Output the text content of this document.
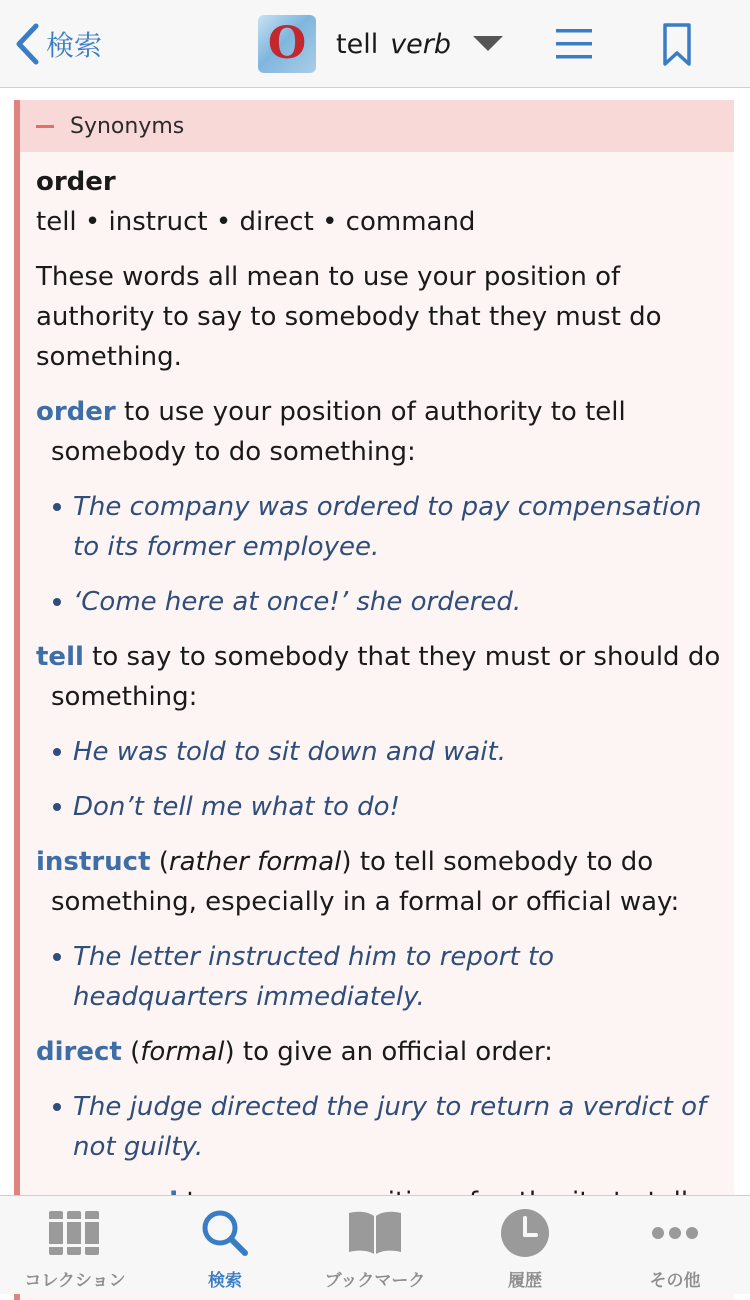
検索	O tell verb
Synonyms
order
tell • instruct • direct • command
These words all mean to use your position of authority to say to somebody that they must do something.
order to use your position of authority to tell somebody to do something:
The company was ordered to pay compensation to its former employee.
‘Come here at once!’ she ordered.
tell to say to somebody that they must or should do something:
He was told to sit down and wait.
Don’t tell me what to do!
instruct (rather formal) to tell somebody to do something, especially in a formal or official way:
The letter instructed him to report to headquarters immediately.
direct (formal) to give an official order:
The judge directed the jury to return a verdict of not guilty.
コレクション	検索	ブックマーク	履歴	その他
